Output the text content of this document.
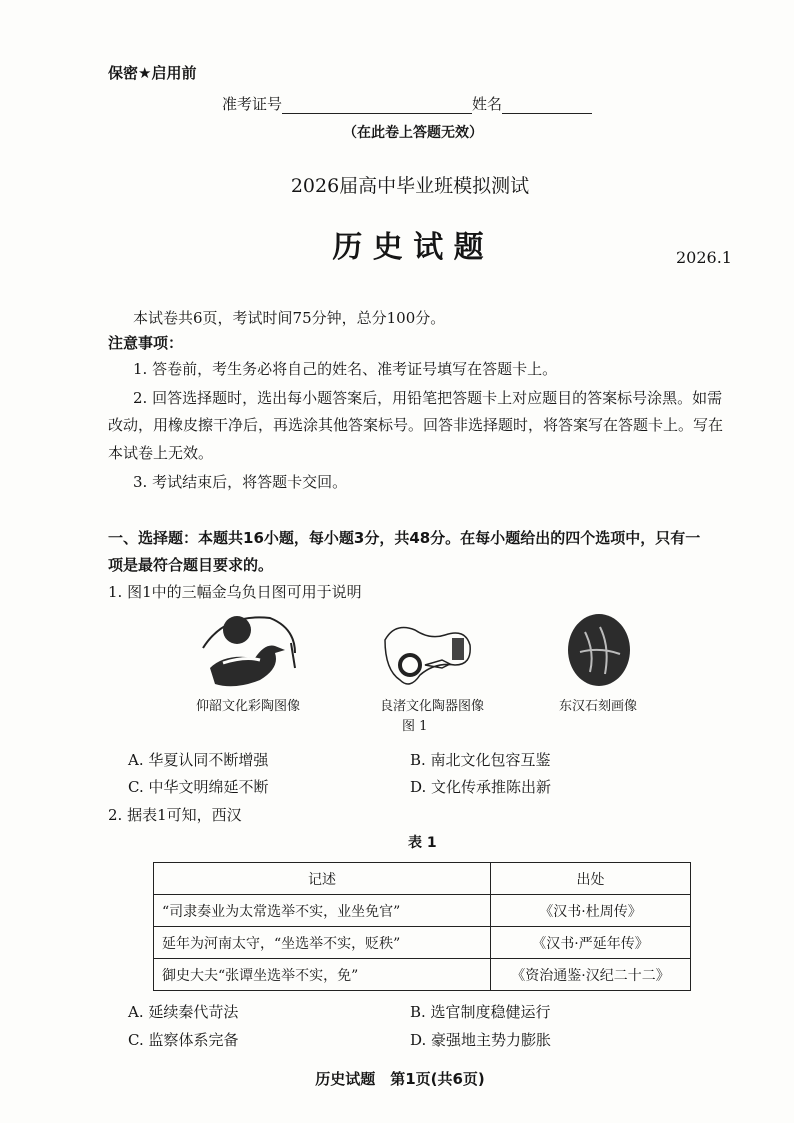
保密★启用前
准考证号	姓名
（在此卷上答题无效）
2026届高中毕业班模拟测试
历 史 试 题	2026.1
本试卷共6页，考试时间75分钟，总分100分。
注意事项：
1. 答卷前，考生务必将自己的姓名、准考证号填写在答题卡上。
2. 回答选择题时，选出每小题答案后，用铅笔把答题卡上对应题目的答案标号涂黑。如需
改动，用橡皮擦干净后，再选涂其他答案标号。回答非选择题时，将答案写在答题卡上。写在
本试卷上无效。
3. 考试结束后，将答题卡交回。
一、选择题：本题共16小题，每小题3分，共48分。在每小题给出的四个选项中，只有一
项是最符合题目要求的。
1. 图1中的三幅金乌负日图可用于说明
仰韶文化彩陶图像	良渚文化陶器图像	东汉石刻画像
图 1
A. 华夏认同不断增强	B. 南北文化包容互鉴
C. 中华文明绵延不断	D. 文化传承推陈出新
2. 据表1可知，西汉
表 1
记述	出处
“司隶奏业为太常选举不实，业坐免官”	《汉书·杜周传》
延年为河南太守，“坐选举不实，贬秩”	《汉书·严延年传》
御史大夫“张谭坐选举不实，免”	《资治通鉴·汉纪二十二》
A. 延续秦代苛法	B. 选官制度稳健运行
C. 监察体系完备	D. 豪强地主势力膨胀
历史试题　第1页(共6页)
